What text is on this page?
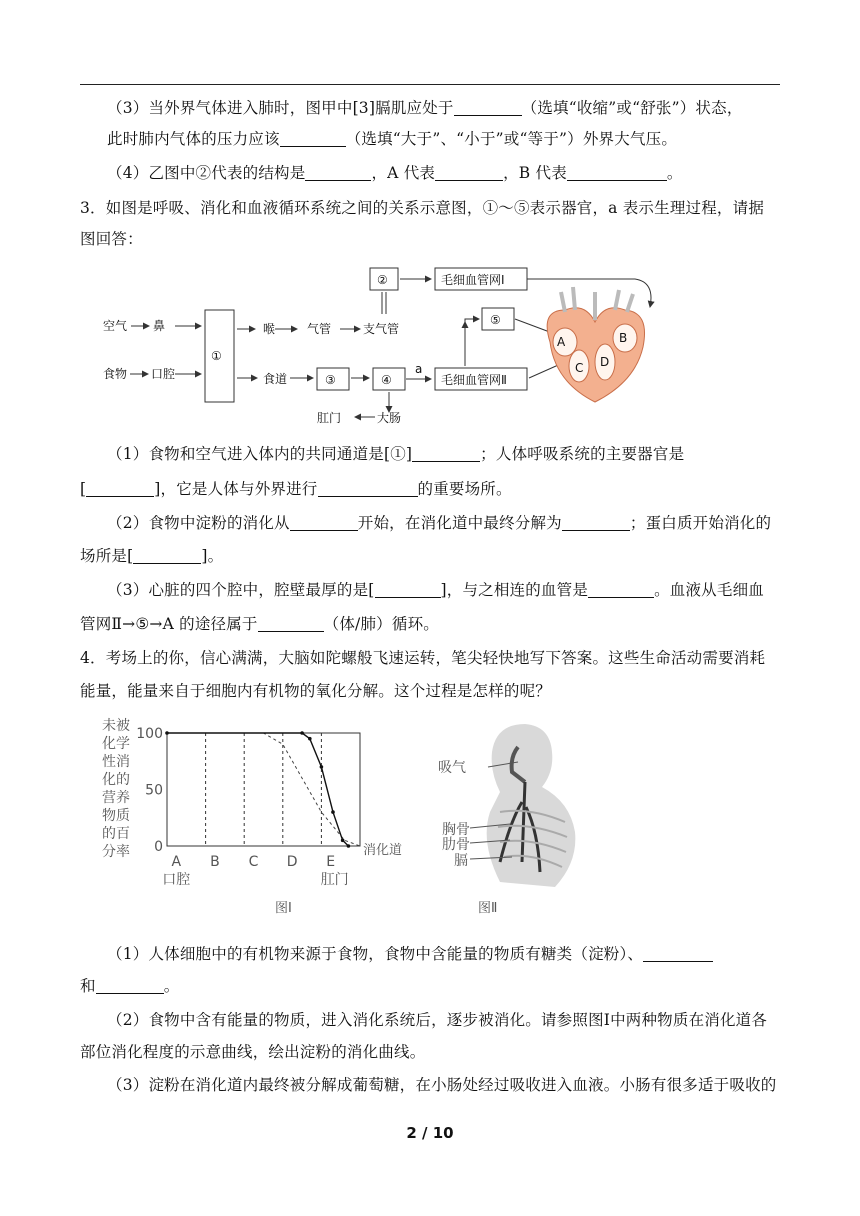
（3）当外界气体进入肺时，图甲中[3]膈肌应处于	（选填“收缩”或“舒张”）状态，
此时肺内气体的压力应该	（选填“大于”、“小于”或“等于”）外界大气压。
（4）乙图中②代表的结构是	，A 代表	，B 代表	。
3．如图是呼吸、消化和血液循环系统之间的关系示意图，①～⑤表示器官，a 表示生理过程，请据
图回答：
空气 鼻
食物 口腔
①
喉	气管	支气管
②	毛细血管网Ⅰ
食道	③	④
a
毛细血管网Ⅱ
⑤
肛门	大肠
A	B
C D
（1）食物和空气进入体内的共同通道是[①]	；人体呼吸系统的主要器官是
[	]，它是人体与外界进行	的重要场所。
（2）食物中淀粉的消化从	开始，在消化道中最终分解为	；蛋白质开始消化的
场所是[	]。
（3）心脏的四个腔中，腔壁最厚的是[	]，与之相连的血管是	。血液从毛细血
管网Ⅱ→⑤→A 的途径属于	（体/肺）循环。
4．考场上的你，信心满满，大脑如陀螺般飞速运转，笔尖轻快地写下答案。这些生命活动需要消耗
能量，能量来自于细胞内有机物的氧化分解。这个过程是怎样的呢？
未被化学性消化的营养物质的百分率 0
50
100
A
口腔
B C D E
肛门
图Ⅰ
消化道
吸气
胸骨
肋骨
膈
图Ⅱ
（1）人体细胞中的有机物来源于食物，食物中含能量的物质有糖类（淀粉）、
和	。
（2）食物中含有能量的物质，进入消化系统后，逐步被消化。请参照图Ⅰ中两种物质在消化道各
部位消化程度的示意曲线，绘出淀粉的消化曲线。
（3）淀粉在消化道内最终被分解成葡萄糖，在小肠处经过吸收进入血液。小肠有很多适于吸收的
2 / 10
